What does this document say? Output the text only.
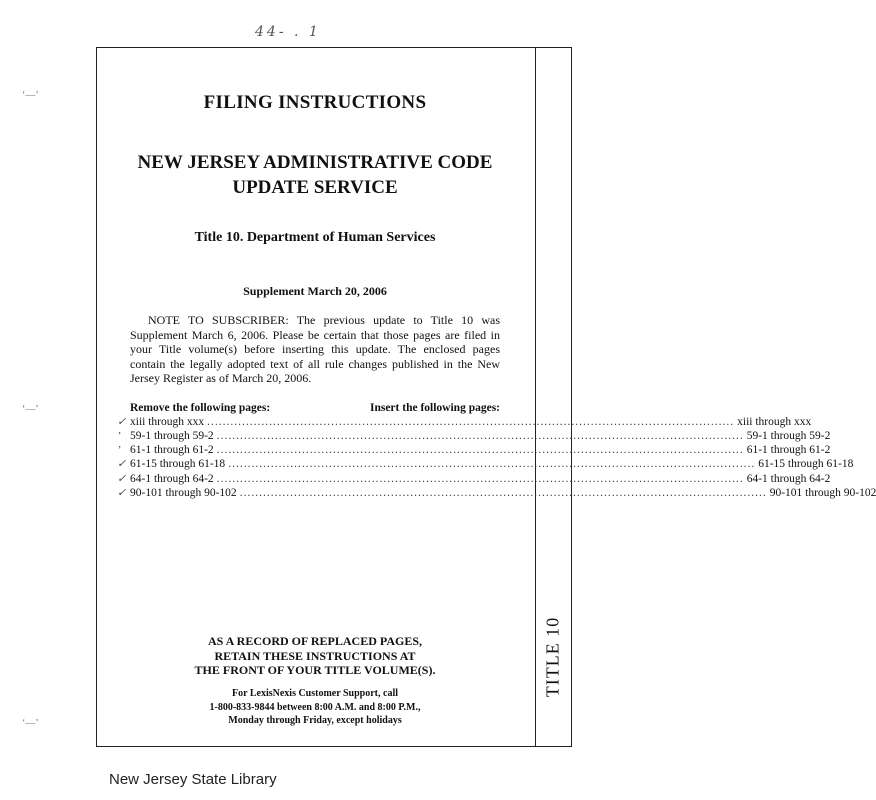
44- . 1
‘—’
‘—’
‘—’
TITLE 10
FILING INSTRUCTIONS
NEW JERSEY ADMINISTRATIVE CODE
UPDATE SERVICE
Title 10. Department of Human Services
Supplement March 20, 2006
NOTE TO SUBSCRIBER: The previous update to Title 10 was Supplement March 6, 2006. Please be certain that those pages are filed in your Title volume(s) before inserting this update. The enclosed pages contain the legally adopted text of all rule changes published in the New Jersey Register as of March 20, 2006.
Remove the following pages:	Insert the following pages:
✓ xiii through xxx ........................................................................................................................................ xiii through xxx
’ 59-1 through 59-2 ........................................................................................................................................ 59-1 through 59-2
’ 61-1 through 61-2 ........................................................................................................................................ 61-1 through 61-2
✓ 61-15 through 61-18 ........................................................................................................................................ 61-15 through 61-18
✓ 64-1 through 64-2 ........................................................................................................................................ 64-1 through 64-2
✓ 90-101 through 90-102 ........................................................................................................................................ 90-101 through 90-102
AS A RECORD OF REPLACED PAGES,
RETAIN THESE INSTRUCTIONS AT
THE FRONT OF YOUR TITLE VOLUME(S).
For LexisNexis Customer Support, call
1-800-833-9844 between 8:00 A.M. and 8:00 P.M.,
Monday through Friday, except holidays
New Jersey State Library
